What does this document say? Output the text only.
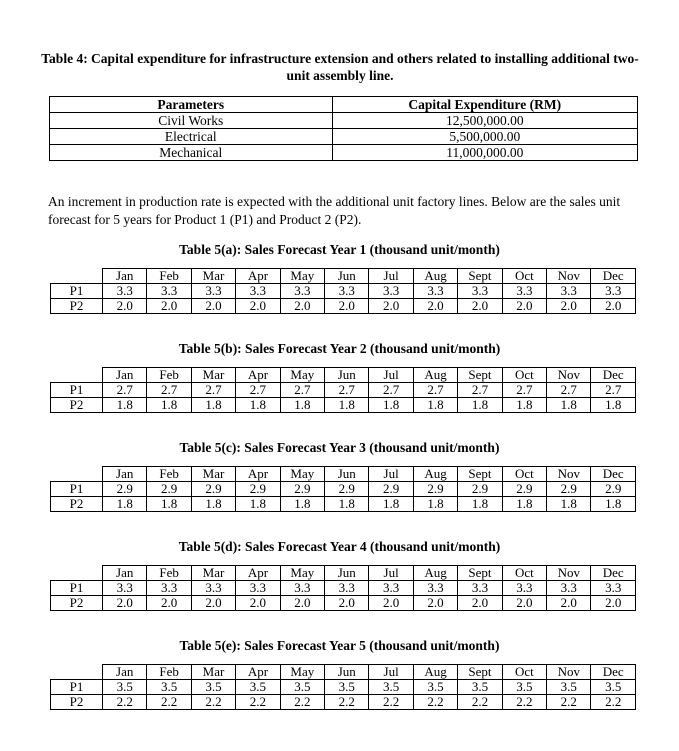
Table 4: Capital expenditure for infrastructure extension and others related to installing additional two-unit assembly line.
Parameters	Capital Expenditure (RM)
Civil Works	12,500,000.00
Electrical	5,500,000.00
Mechanical	11,000,000.00
An increment in production rate is expected with the additional unit factory lines. Below are the sales unit forecast for 5 years for Product 1 (P1) and Product 2 (P2).
Table 5(a): Sales Forecast Year 1 (thousand unit/month)
	Jan	Feb	Mar	Apr	May	Jun	Jul	Aug	Sept	Oct	Nov	Dec
P1	3.3	3.3	3.3	3.3	3.3	3.3	3.3	3.3	3.3	3.3	3.3	3.3
P2	2.0	2.0	2.0	2.0	2.0	2.0	2.0	2.0	2.0	2.0	2.0	2.0
Table 5(b): Sales Forecast Year 2 (thousand unit/month)
	Jan	Feb	Mar	Apr	May	Jun	Jul	Aug	Sept	Oct	Nov	Dec
P1	2.7	2.7	2.7	2.7	2.7	2.7	2.7	2.7	2.7	2.7	2.7	2.7
P2	1.8	1.8	1.8	1.8	1.8	1.8	1.8	1.8	1.8	1.8	1.8	1.8
Table 5(c): Sales Forecast Year 3 (thousand unit/month)
	Jan	Feb	Mar	Apr	May	Jun	Jul	Aug	Sept	Oct	Nov	Dec
P1	2.9	2.9	2.9	2.9	2.9	2.9	2.9	2.9	2.9	2.9	2.9	2.9
P2	1.8	1.8	1.8	1.8	1.8	1.8	1.8	1.8	1.8	1.8	1.8	1.8
Table 5(d): Sales Forecast Year 4 (thousand unit/month)
	Jan	Feb	Mar	Apr	May	Jun	Jul	Aug	Sept	Oct	Nov	Dec
P1	3.3	3.3	3.3	3.3	3.3	3.3	3.3	3.3	3.3	3.3	3.3	3.3
P2	2.0	2.0	2.0	2.0	2.0	2.0	2.0	2.0	2.0	2.0	2.0	2.0
Table 5(e): Sales Forecast Year 5 (thousand unit/month)
	Jan	Feb	Mar	Apr	May	Jun	Jul	Aug	Sept	Oct	Nov	Dec
P1	3.5	3.5	3.5	3.5	3.5	3.5	3.5	3.5	3.5	3.5	3.5	3.5
P2	2.2	2.2	2.2	2.2	2.2	2.2	2.2	2.2	2.2	2.2	2.2	2.2
